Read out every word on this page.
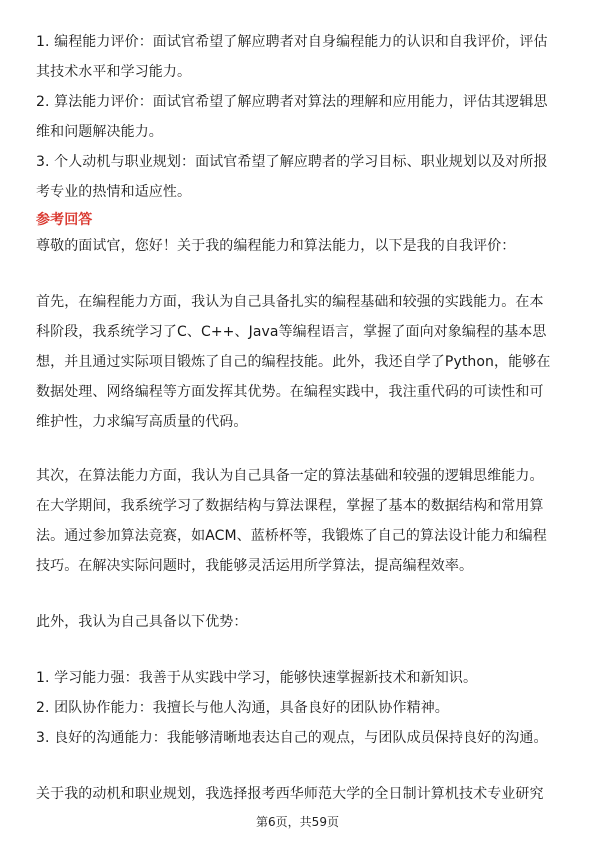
1. 编程能力评价：面试官希望了解应聘者对自身编程能力的认识和自我评价，评估
其技术水平和学习能力。
2. 算法能力评价：面试官希望了解应聘者对算法的理解和应用能力，评估其逻辑思
维和问题解决能力。
3. 个人动机与职业规划：面试官希望了解应聘者的学习目标、职业规划以及对所报
考专业的热情和适应性。
参考回答
尊敬的面试官，您好！关于我的编程能力和算法能力，以下是我的自我评价：
首先，在编程能力方面，我认为自己具备扎实的编程基础和较强的实践能力。在本
科阶段，我系统学习了C、C++、Java等编程语言，掌握了面向对象编程的基本思
想，并且通过实际项目锻炼了自己的编程技能。此外，我还自学了Python，能够在
数据处理、网络编程等方面发挥其优势。在编程实践中，我注重代码的可读性和可
维护性，力求编写高质量的代码。
其次，在算法能力方面，我认为自己具备一定的算法基础和较强的逻辑思维能力。
在大学期间，我系统学习了数据结构与算法课程，掌握了基本的数据结构和常用算
法。通过参加算法竞赛，如ACM、蓝桥杯等，我锻炼了自己的算法设计能力和编程
技巧。在解决实际问题时，我能够灵活运用所学算法，提高编程效率。
此外，我认为自己具备以下优势：
1. 学习能力强：我善于从实践中学习，能够快速掌握新技术和新知识。
2. 团队协作能力：我擅长与他人沟通，具备良好的团队协作精神。
3. 良好的沟通能力：我能够清晰地表达自己的观点，与团队成员保持良好的沟通。
关于我的动机和职业规划，我选择报考西华师范大学的全日制计算机技术专业研究
第6页，共59页
